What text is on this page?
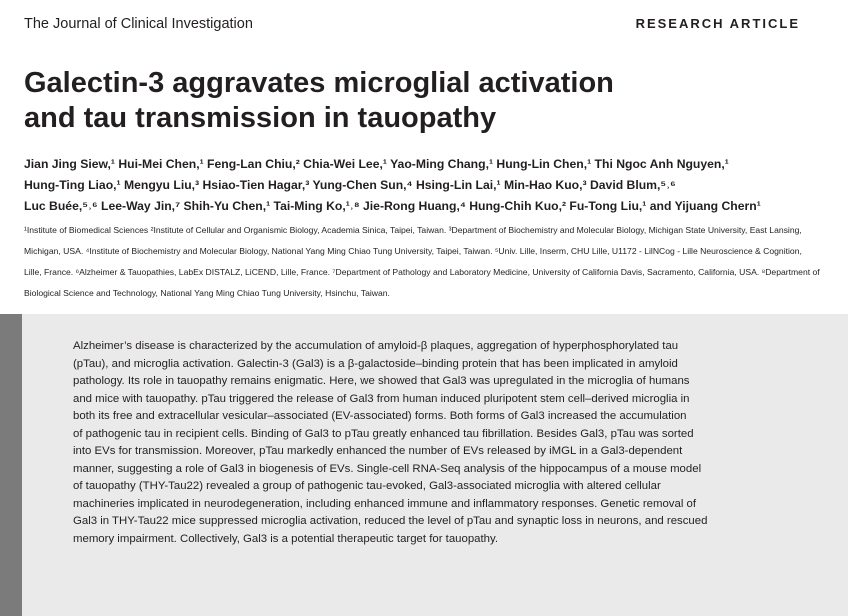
The Journal of Clinical Investigation	RESEARCH ARTICLE
Galectin-3 aggravates microglial activation
and tau transmission in tauopathy
Jian Jing Siew,¹ Hui-Mei Chen,¹ Feng-Lan Chiu,² Chia-Wei Lee,¹ Yao-Ming Chang,¹ Hung-Lin Chen,¹ Thi Ngoc Anh Nguyen,¹
Hung-Ting Liao,¹ Mengyu Liu,³ Hsiao-Tien Hagar,³ Yung-Chen Sun,⁴ Hsing-Lin Lai,¹ Min-Hao Kuo,³ David Blum,⁵˒⁶
Luc Buée,⁵˒⁶ Lee-Way Jin,⁷ Shih-Yu Chen,¹ Tai-Ming Ko,¹˒⁸ Jie-Rong Huang,⁴ Hung-Chih Kuo,² Fu-Tong Liu,¹ and Yijuang Chern¹
¹Institute of Biomedical Sciences ²Institute of Cellular and Organismic Biology, Academia Sinica, Taipei, Taiwan. ³Department of Biochemistry and Molecular Biology, Michigan State University, East Lansing,
Michigan, USA. ⁴Institute of Biochemistry and Molecular Biology, National Yang Ming Chiao Tung University, Taipei, Taiwan. ⁵Univ. Lille, Inserm, CHU Lille, U1172 - LilNCog - Lille Neuroscience & Cognition,
Lille, France. ⁶Alzheimer & Tauopathies, LabEx DISTALZ, LiCEND, Lille, France. ⁷Department of Pathology and Laboratory Medicine, University of California Davis, Sacramento, California, USA. ⁸Department of
Biological Science and Technology, National Yang Ming Chiao Tung University, Hsinchu, Taiwan.
Alzheimer’s disease is characterized by the accumulation of amyloid-β plaques, aggregation of hyperphosphorylated tau
(pTau), and microglia activation. Galectin-3 (Gal3) is a β-galactoside–binding protein that has been implicated in amyloid
pathology. Its role in tauopathy remains enigmatic. Here, we showed that Gal3 was upregulated in the microglia of humans
and mice with tauopathy. pTau triggered the release of Gal3 from human induced pluripotent stem cell–derived microglia in
both its free and extracellular vesicular–associated (EV-associated) forms. Both forms of Gal3 increased the accumulation
of pathogenic tau in recipient cells. Binding of Gal3 to pTau greatly enhanced tau fibrillation. Besides Gal3, pTau was sorted
into EVs for transmission. Moreover, pTau markedly enhanced the number of EVs released by iMGL in a Gal3-dependent
manner, suggesting a role of Gal3 in biogenesis of EVs. Single-cell RNA-Seq analysis of the hippocampus of a mouse model
of tauopathy (THY-Tau22) revealed a group of pathogenic tau-evoked, Gal3-associated microglia with altered cellular
machineries implicated in neurodegeneration, including enhanced immune and inflammatory responses. Genetic removal of
Gal3 in THY-Tau22 mice suppressed microglia activation, reduced the level of pTau and synaptic loss in neurons, and rescued
memory impairment. Collectively, Gal3 is a potential therapeutic target for tauopathy.
